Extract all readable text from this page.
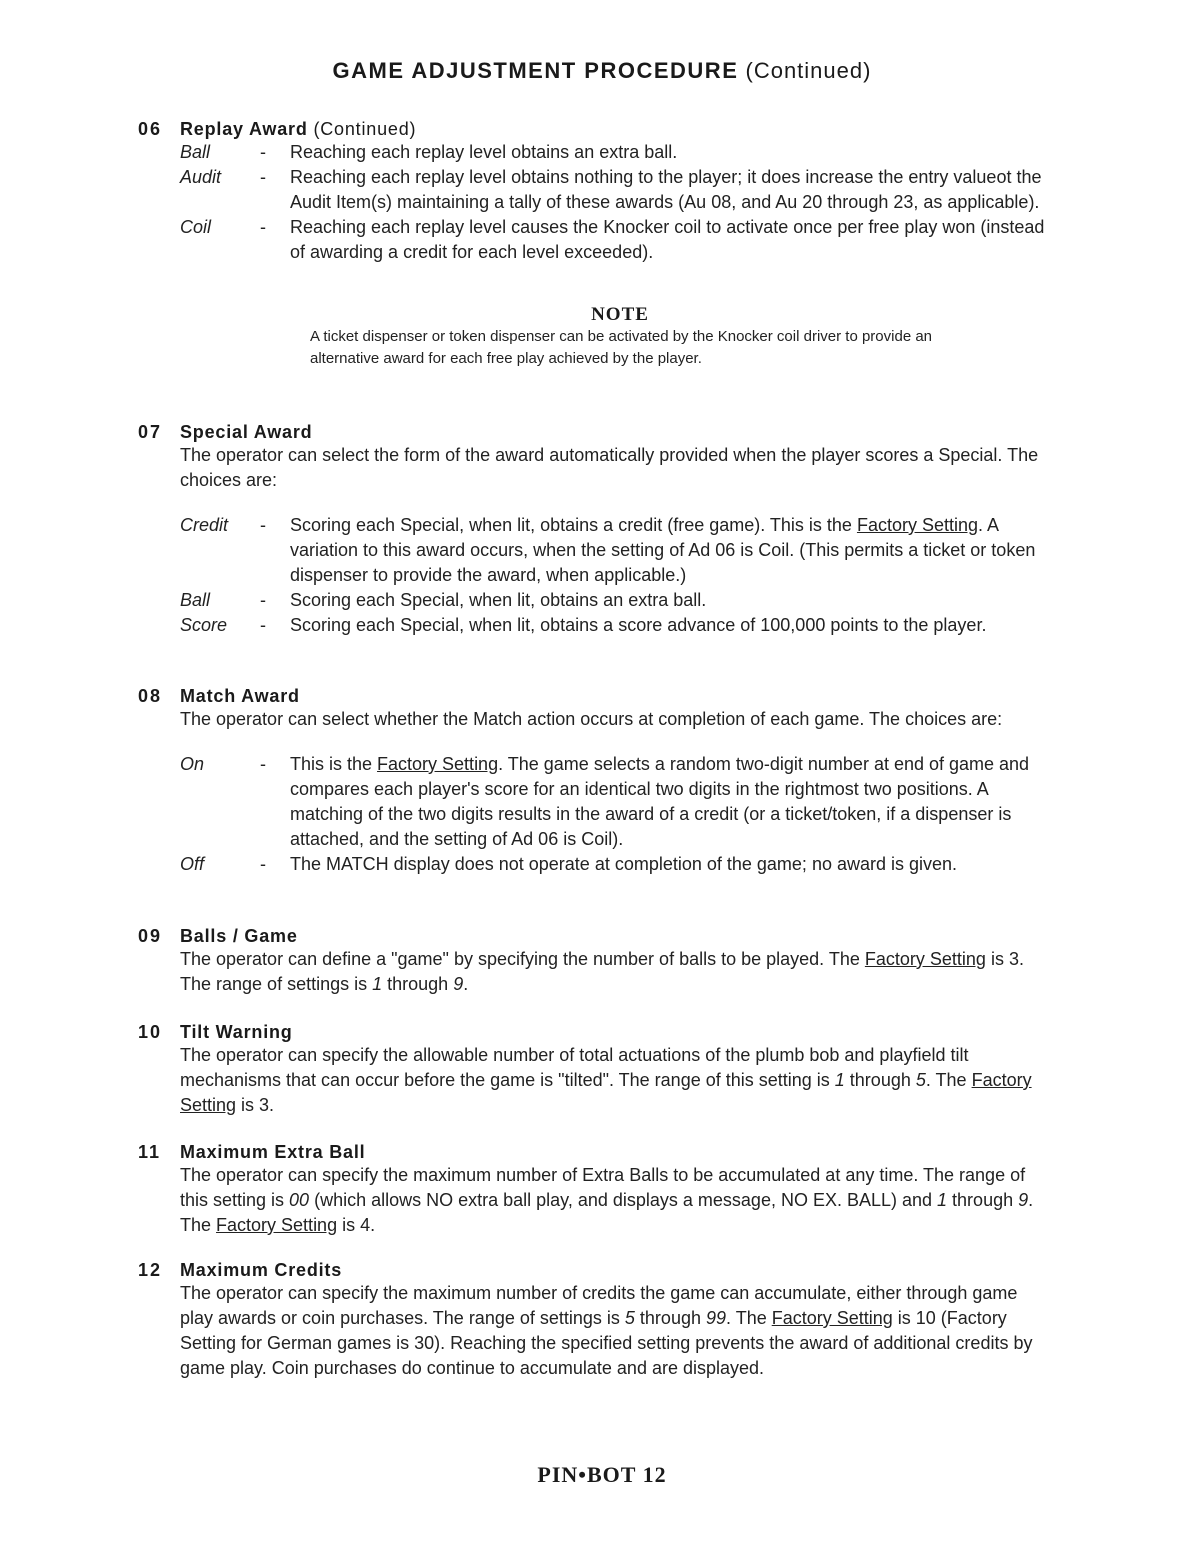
GAME ADJUSTMENT PROCEDURE (Continued)
06 Replay Award (Continued)
Ball	- Reaching each replay level obtains an extra ball.
Audit	- Reaching each replay level obtains nothing to the player; it does increase the entry valueot the Audit Item(s) maintaining a tally of these awards (Au 08, and Au 20 through 23, as applicable).
Coil	- Reaching each replay level causes the Knocker coil to activate once per free play won (instead of awarding a credit for each level exceeded).
NOTE
A ticket dispenser or token dispenser can be activated by the Knocker coil driver to provide an alternative award for each free play achieved by the player.
07 Special Award
The operator can select the form of the award automatically provided when the player scores a Special. The choices are:
Credit	- Scoring each Special, when lit, obtains a credit (free game). This is the Factory Setting. A variation to this award occurs, when the setting of Ad 06 is Coil. (This permits a ticket or token dispenser to provide the award, when applicable.)
Ball	- Scoring each Special, when lit, obtains an extra ball.
Score	- Scoring each Special, when lit, obtains a score advance of 100,000 points to the player.
08 Match Award
The operator can select whether the Match action occurs at completion of each game. The choices are:
On	- This is the Factory Setting. The game selects a random two-digit number at end of game and compares each player's score for an identical two digits in the rightmost two positions. A matching of the two digits results in the award of a credit (or a ticket/token, if a dispenser is attached, and the setting of Ad 06 is Coil).
Off	- The MATCH display does not operate at completion of the game; no award is given.
09 Balls / Game
The operator can define a "game" by specifying the number of balls to be played. The Factory Setting is 3. The range of settings is 1 through 9.
10 Tilt Warning
The operator can specify the allowable number of total actuations of the plumb bob and playfield tilt mechanisms that can occur before the game is "tilted". The range of this setting is 1 through 5. The Factory Setting is 3.
11 Maximum Extra Ball
The operator can specify the maximum number of Extra Balls to be accumulated at any time. The range of this setting is 00 (which allows NO extra ball play, and displays a message, NO EX. BALL) and 1 through 9. The Factory Setting is 4.
12 Maximum Credits
The operator can specify the maximum number of credits the game can accumulate, either through game play awards or coin purchases. The range of settings is 5 through 99. The Factory Setting is 10 (Factory Setting for German games is 30). Reaching the specified setting prevents the award of additional credits by game play. Coin purchases do continue to accumulate and are displayed.
PIN•BOT 12
